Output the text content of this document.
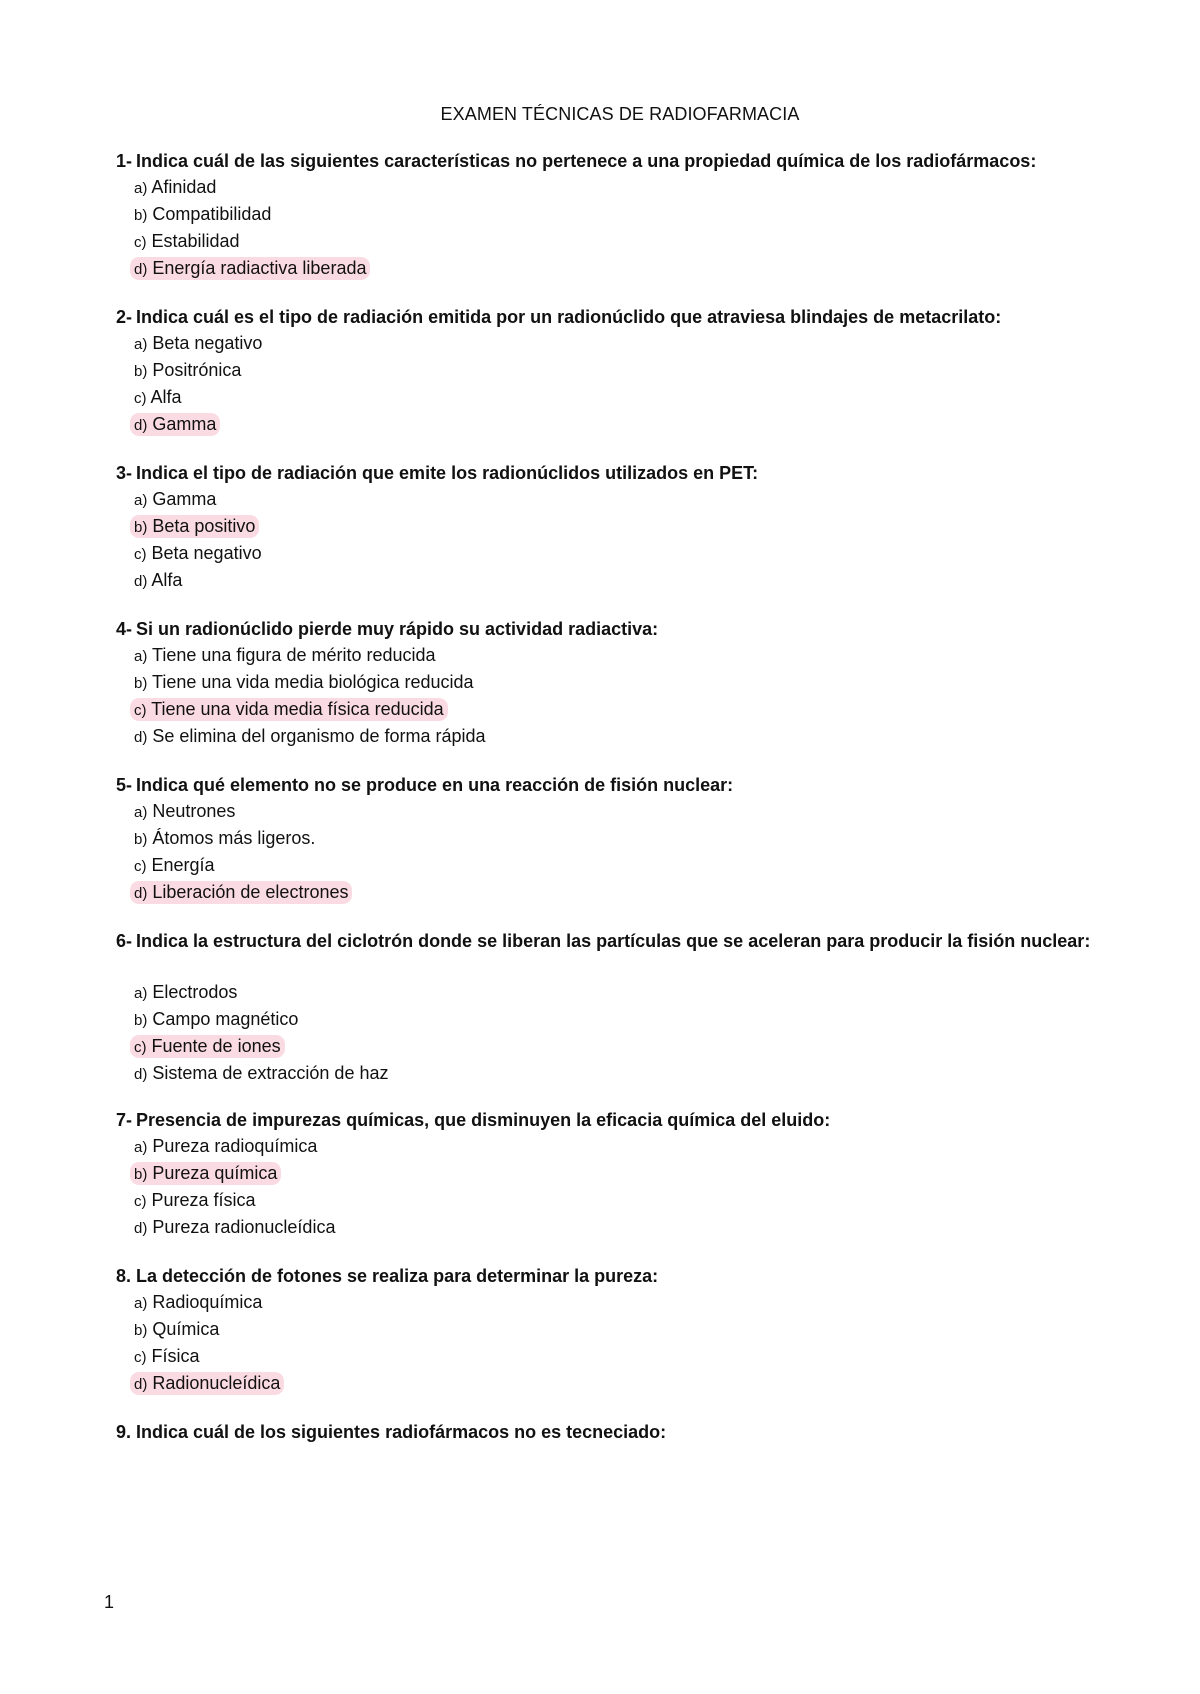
EXAMEN TÉCNICAS DE RADIOFARMACIA
1- Indica cuál de las siguientes características no pertenece a una propiedad química de los radiofármacos:
a) Afinidad
b) Compatibilidad
c) Estabilidad
d) Energía radiactiva liberada
2- Indica cuál es el tipo de radiación emitida por un radionúclido que atraviesa blindajes de metacrilato:
a) Beta negativo
b) Positrónica
c) Alfa
d) Gamma
3- Indica el tipo de radiación que emite los radionúclidos utilizados en PET:
a) Gamma
b) Beta positivo
c) Beta negativo
d) Alfa
4- Si un radionúclido pierde muy rápido su actividad radiactiva:
a) Tiene una figura de mérito reducida
b) Tiene una vida media biológica reducida
c) Tiene una vida media física reducida
d) Se elimina del organismo de forma rápida
5- Indica qué elemento no se produce en una reacción de fisión nuclear:
a) Neutrones
b) Átomos más ligeros.
c) Energía
d) Liberación de electrones
6- Indica la estructura del ciclotrón donde se liberan las partículas que se aceleran para producir la fisión nuclear:
a) Electrodos
b) Campo magnético
c) Fuente de iones
d) Sistema de extracción de haz
7- Presencia de impurezas químicas, que disminuyen la eficacia química del eluido:
a) Pureza radioquímica
b) Pureza química
c) Pureza física
d) Pureza radionucleídica
8. La detección de fotones se realiza para determinar la pureza:
a) Radioquímica
b) Química
c) Física
d) Radionucleídica
9. Indica cuál de los siguientes radiofármacos no es tecneciado:
1
